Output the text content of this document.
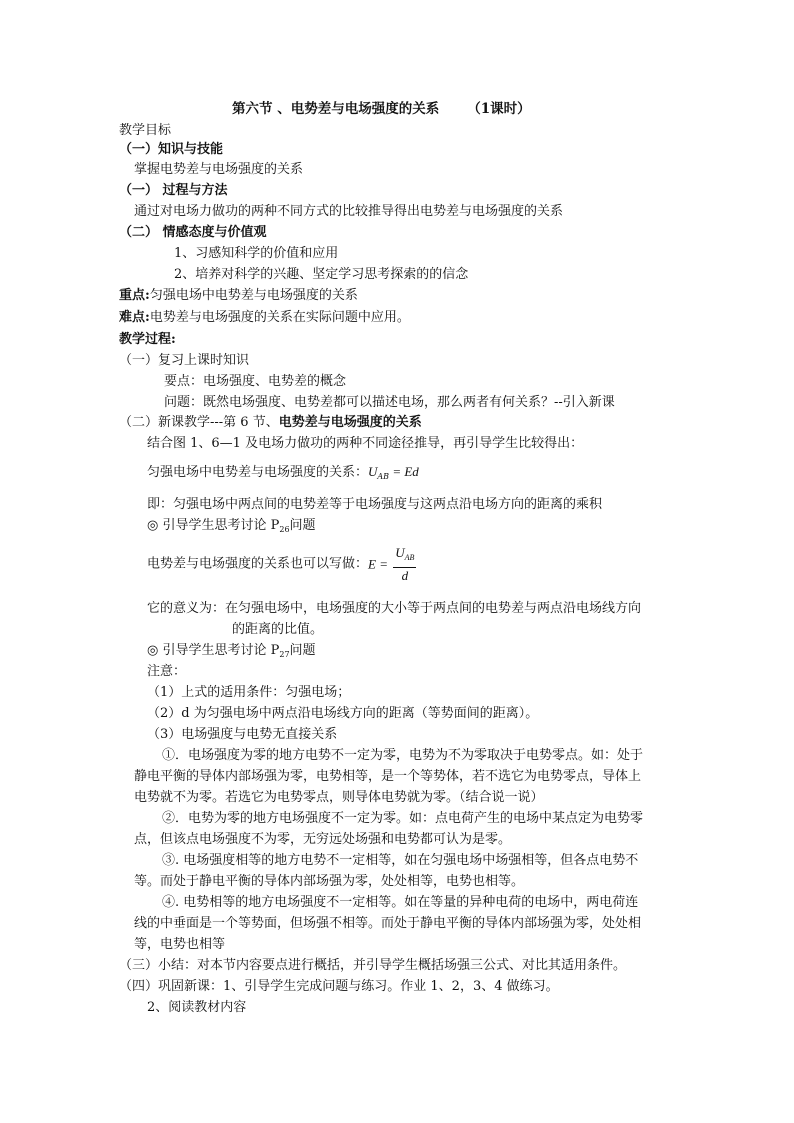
第六节 、电势差与电场强度的关系 （1课时）
教学目标
（一）知识与技能
掌握电势差与电场强度的关系
（一） 过程与方法
通过对电场力做功的两种不同方式的比较推导得出电势差与电场强度的关系
（二） 情感态度与价值观
1、习感知科学的价值和应用
2、培养对科学的兴趣、坚定学习思考探索的的信念
重点:匀强电场中电势差与电场强度的关系
难点:电势差与电场强度的关系在实际问题中应用。
教学过程:
（一）复习上课时知识
要点：电场强度、电势差的概念
问题：既然电场强度、电势差都可以描述电场，那么两者有何关系？--引入新课
（二）新课教学---第 6 节、电势差与电场强度的关系
结合图 1、6—1 及电场力做功的两种不同途径推导，再引导学生比较得出：
匀强电场中电势差与电场强度的关系：$U_{AB} = Ed$
即：匀强电场中两点间的电势差等于电场强度与这两点沿电场方向的距离的乘积
◎ 引导学生思考讨论 $P_{26}$问题
电势差与电场强度的关系也可以写做：$E = \frac{U_{AB}}{d}$
它的意义为：在匀强电场中，电场强度的大小等于两点间的电势差与两点沿电场线方向
的距离的比值。
◎ 引导学生思考讨论 $P_{27}$问题
注意：
（1）上式的适用条件：匀强电场；
（2）d 为匀强电场中两点沿电场线方向的距离（等势面间的距离）。
（3）电场强度与电势无直接关系
①．电场强度为零的地方电势不一定为零，电势为不为零取决于电势零点。如：处于
静电平衡的导体内部场强为零，电势相等，是一个等势体，若不选它为电势零点，导体上
电势就不为零。若选它为电势零点，则导体电势就为零。（结合说一说）
②．电势为零的地方电场强度不一定为零。如：点电荷产生的电场中某点定为电势零
点，但该点电场强度不为零，无穷远处场强和电势都可认为是零。
③. 电场强度相等的地方电势不一定相等，如在匀强电场中场强相等，但各点电势不
等。而处于静电平衡的导体内部场强为零，处处相等，电势也相等。
④. 电势相等的地方电场强度不一定相等。如在等量的异种电荷的电场中，两电荷连
线的中垂面是一个等势面，但场强不相等。而处于静电平衡的导体内部场强为零，处处相
等，电势也相等
（三）小结：对本节内容要点进行概括，并引导学生概括场强三公式、对比其适用条件。
（四）巩固新课：1、引导学生完成问题与练习。作业 1、2，3、4 做练习。
2、阅读教材内容
